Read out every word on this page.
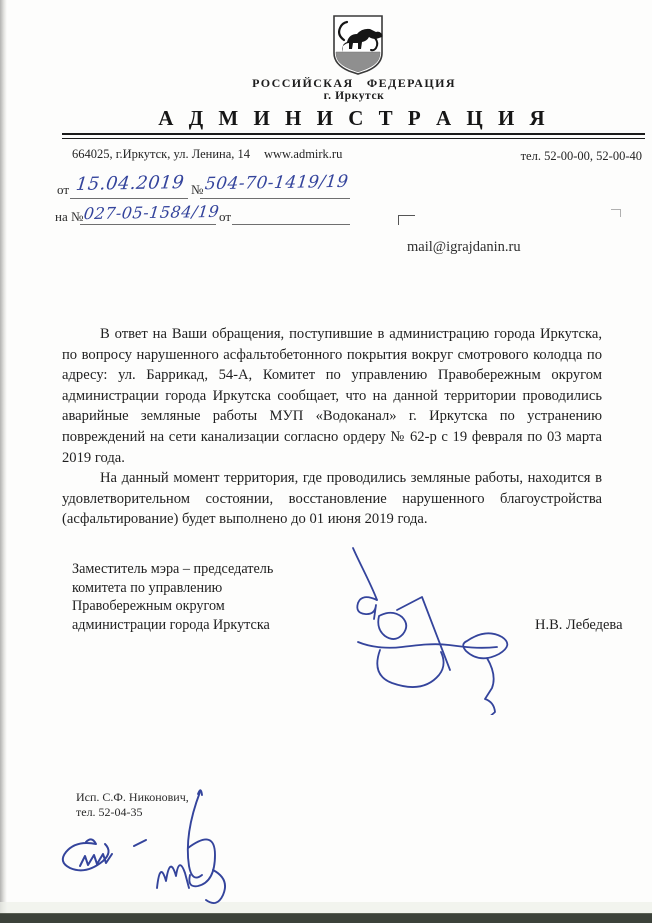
РОССИЙСКАЯ ФЕДЕРАЦИЯ
г. Иркутск
А Д М И Н И С Т Р А Ц И Я
664025, г.Иркутск, ул. Ленина, 14 www.admirk.ru	тел. 52-00-00, 52-00-40
от 15.04.2019 № 504-70-1419/19
на № 027-05-1584/19
от
mail@igrajdanin.ru

В ответ на Ваши обращения, поступившие в администрацию города Иркутска, по вопросу нарушенного асфальтобетонного покрытия вокруг смотрового колодца по адресу: ул. Баррикад, 54-А, Комитет по управлению Правобережным округом администрации города Иркутска сообщает, что на данной территории проводились аварийные земляные работы МУП «Водоканал» г. Иркутска по устранению повреждений на сети канализации согласно ордеру № 62-р с 19 февраля по 03 марта 2019 года.

На данный момент территория, где проводились земляные работы, находится в удовлетворительном состоянии, восстановление нарушенного благоустройства (асфальтирование) будет выполнено до 01 июня 2019 года.

Заместитель мэра – председатель
комитета по управлению
Правобережным округом
администрации города Иркутска	Н.В. Лебедева
Исп. С.Ф. Никонович,
тел. 52-04-35
